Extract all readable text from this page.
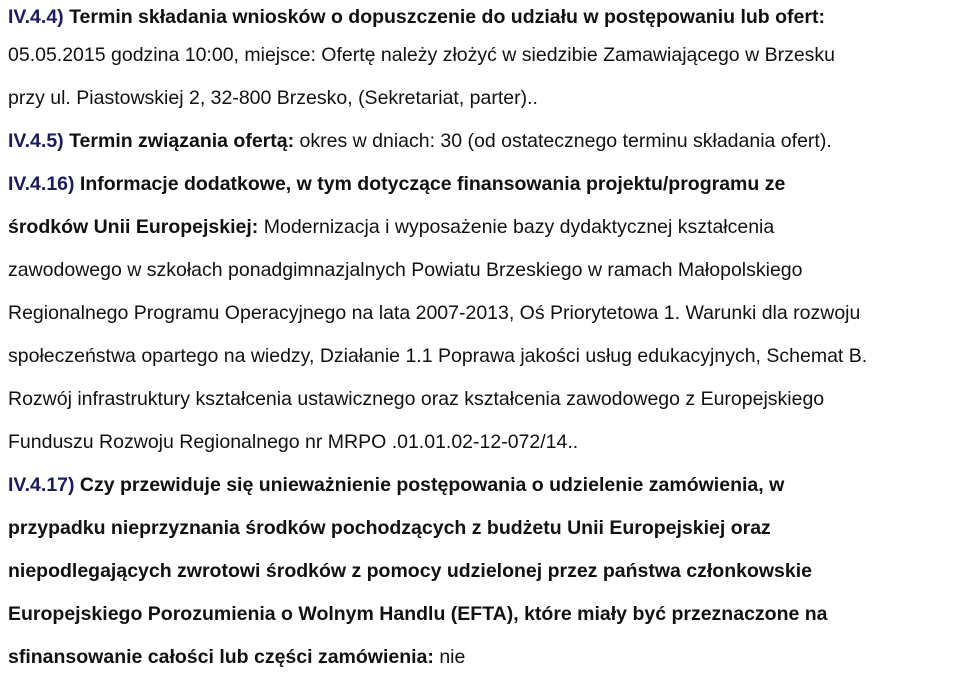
IV.4.4) Termin składania wniosków o dopuszczenie do udziału w postępowaniu lub ofert:
05.05.2015 godzina 10:00, miejsce: Ofertę należy złożyć w siedzibie Zamawiającego w Brzesku
przy ul. Piastowskiej 2, 32-800 Brzesko, (Sekretariat, parter)..
IV.4.5) Termin związania ofertą: okres w dniach: 30 (od ostatecznego terminu składania ofert).
IV.4.16) Informacje dodatkowe, w tym dotyczące finansowania projektu/programu ze
środków Unii Europejskiej: Modernizacja i wyposażenie bazy dydaktycznej kształcenia
zawodowego w szkołach ponadgimnazjalnych Powiatu Brzeskiego w ramach Małopolskiego
Regionalnego Programu Operacyjnego na lata 2007-2013, Oś Priorytetowa 1. Warunki dla rozwoju
społeczeństwa opartego na wiedzy, Działanie 1.1 Poprawa jakości usług edukacyjnych, Schemat B.
Rozwój infrastruktury kształcenia ustawicznego oraz kształcenia zawodowego z Europejskiego
Funduszu Rozwoju Regionalnego nr MRPO .01.01.02-12-072/14..
IV.4.17) Czy przewiduje się unieważnienie postępowania o udzielenie zamówienia, w
przypadku nieprzyznania środków pochodzących z budżetu Unii Europejskiej oraz
niepodlegających zwrotowi środków z pomocy udzielonej przez państwa członkowskie
Europejskiego Porozumienia o Wolnym Handlu (EFTA), które miały być przeznaczone na
sfinansowanie całości lub części zamówienia: nie
